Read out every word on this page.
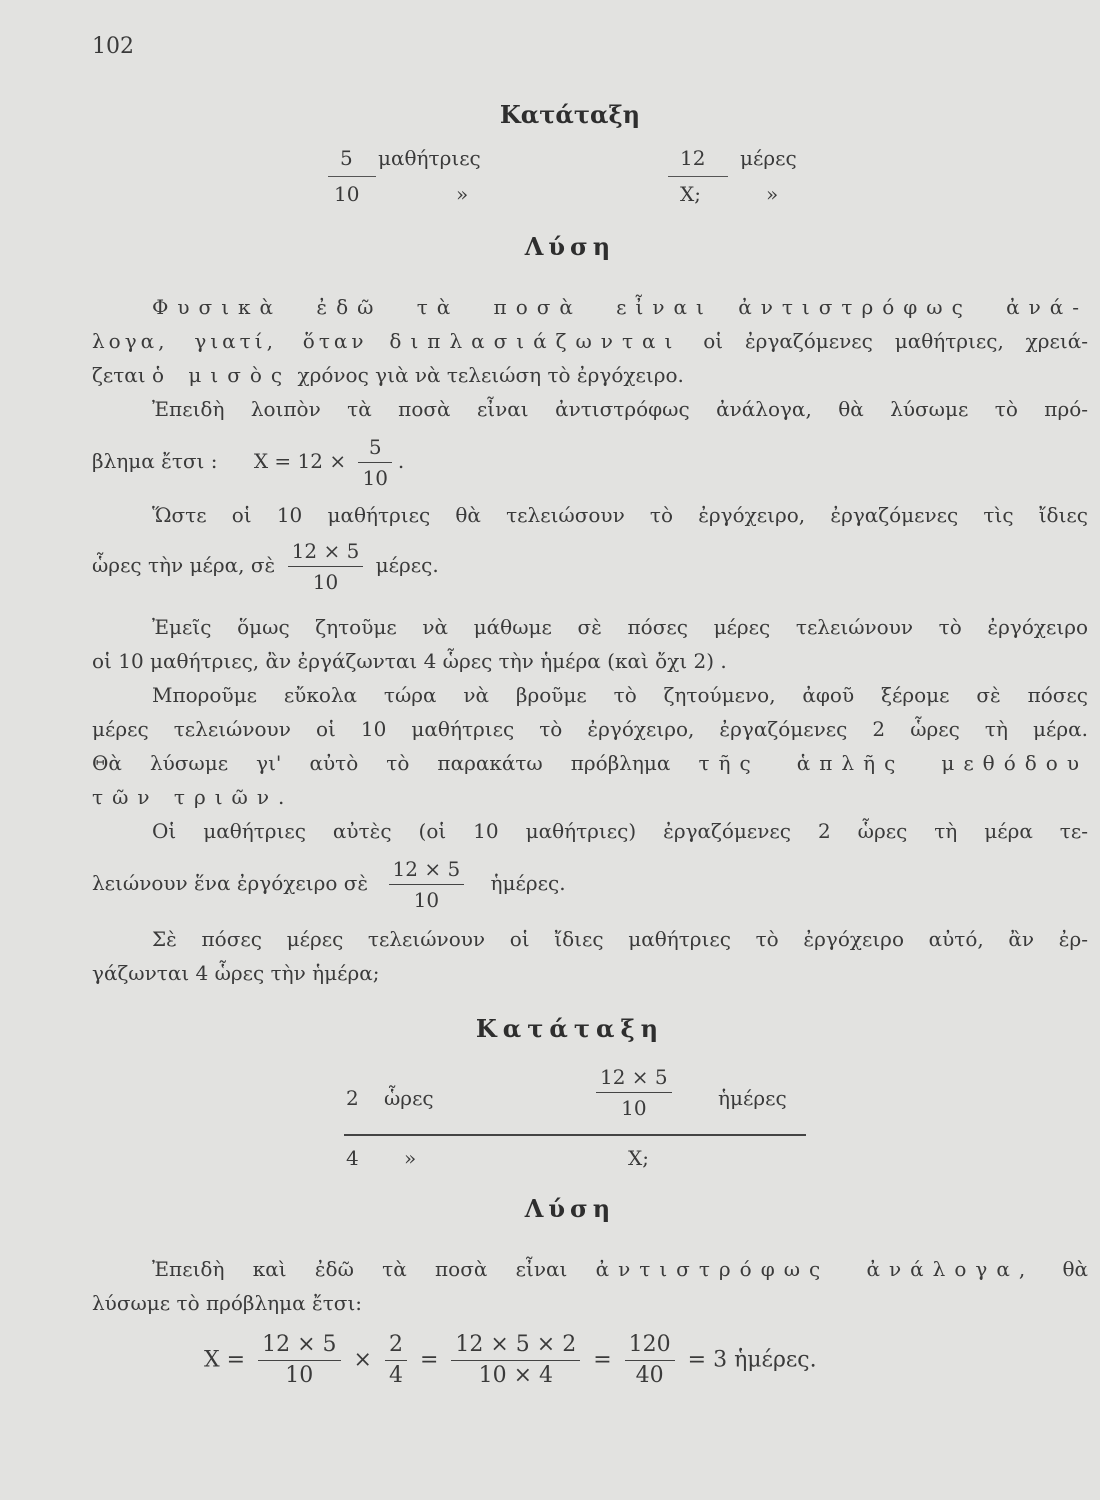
102
Κατάταξη
5 μαθήτριες	12 μέρες
10	»	Χ;	»
Λύση

Φυσικὰ ἐδῶ τὰ ποσὰ εἶναι ἀντιστρόφως ἀνά-

λογα, γιατί, ὅταν διπλασιάζωνται οἱ ἐργαζόμενες μαθήτριες, χρειά-

ζεται ὁ μισὸς χρόνος γιὰ νὰ τελειώση τὸ ἐργόχειρο.

Ἐπειδὴ λοιπὸν τὰ ποσὰ εἶναι ἀντιστρόφως ἀνάλογα, θὰ λύσωμε τὸ πρό-

βλημα ἔτσι : $X = 12 \times \frac{5}{10}$ .

Ὥστε οἱ 10 μαθήτριες θὰ τελειώσουν τὸ ἐργόχειρο, ἐργαζόμενες τὶς ἴδιες

ὧρες τὴν μέρα, σὲ $\frac{12 \times 5}{10} \mu έ\rho\varepsilon\varsigma$.

Ἐμεῖς ὅμως ζητοῦμε νὰ μάθωμε σὲ πόσες μέρες τελειώνουν τὸ ἐργόχειρο

οἱ 10 μαθήτριες, ἂν ἐργάζωνται 4 ὧρες τὴν ἡμέρα (καὶ ὄχι 2) .

Μποροῦμε εὔκολα τώρα νὰ βροῦμε τὸ ζητούμενο, ἀφοῦ ξέρομε σὲ πόσες

μέρες τελειώνουν οἱ 10 μαθήτριες τὸ ἐργόχειρο, ἐργαζόμενες 2 ὧρες τὴ μέρα.

Θὰ λύσωμε γι' αὐτὸ τὸ παρακάτω πρόβλημα τῆς ἁπλῆς μεθόδου

τῶν τριῶν.

Οἱ μαθήτριες αὐτὲς (οἱ 10 μαθήτριες) ἐργαζόμενες 2 ὧρες τὴ μέρα τε-

λειώνουν ἕνα ἐργόχειρο σὲ $\frac{12 \times 5}{10}$ ἡμέρες.

Σὲ πόσες μέρες τελειώνουν οἱ ἴδιες μαθήτριες τὸ ἐργόχειρο αὐτό, ἂν ἐρ-

γάζωνται 4 ὧρες τὴν ἡμέρα;

Κατάταξη
2 ὧρες	$\frac{12 \times 5}{10}$ ἡμέρες
4 »	Χ;
Λύση

Ἐπειδὴ καὶ ἐδῶ τὰ ποσὰ εἶναι ἀντιστρόφως ἀνάλογα, θὰ

λύσωμε τὸ πρόβλημα ἔτσι:

$X = \frac{12 \times 5}{10} \times \frac{2}{4} = \frac{12 \times 5 \times 2}{10 \times 4} = \frac{120}{40} = 3$ ἡμέρες.
